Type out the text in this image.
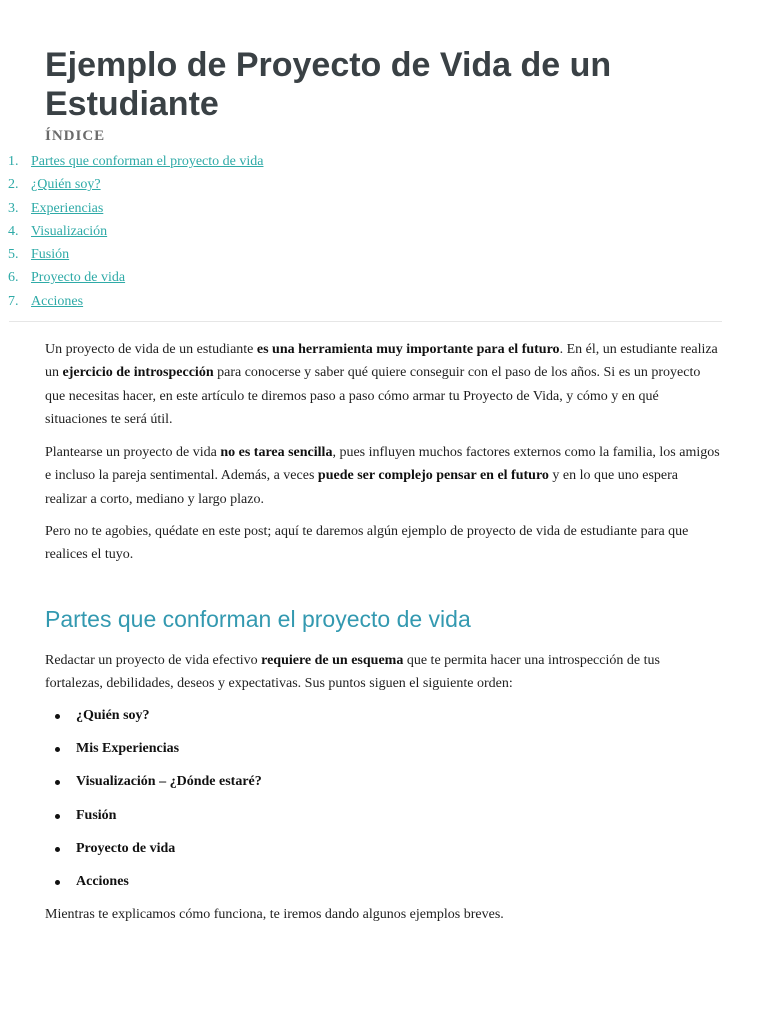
Ejemplo de Proyecto de Vida de un Estudiante
ÍNDICE
1. Partes que conforman el proyecto de vida
2. ¿Quién soy?
3. Experiencias
4. Visualización
5. Fusión
6. Proyecto de vida
7. Acciones

Un proyecto de vida de un estudiante es una herramienta muy importante para el futuro. En él, un estudiante realiza un ejercicio de introspección para conocerse y saber qué quiere conseguir con el paso de los años. Si es un proyecto que necesitas hacer, en este artículo te diremos paso a paso cómo armar tu Proyecto de Vida, y cómo y en qué situaciones te será útil.

Plantearse un proyecto de vida no es tarea sencilla, pues influyen muchos factores externos como la familia, los amigos e incluso la pareja sentimental. Además, a veces puede ser complejo pensar en el futuro y en lo que uno espera realizar a corto, mediano y largo plazo.

Pero no te agobies, quédate en este post; aquí te daremos algún ejemplo de proyecto de vida de estudiante para que realices el tuyo.

Partes que conforman el proyecto de vida

Redactar un proyecto de vida efectivo requiere de un esquema que te permita hacer una introspección de tus fortalezas, debilidades, deseos y expectativas. Sus puntos siguen el siguiente orden:

¿Quién soy?
Mis Experiencias
Visualización – ¿Dónde estaré?
Fusión
Proyecto de vida
Acciones

Mientras te explicamos cómo funciona, te iremos dando algunos ejemplos breves.
